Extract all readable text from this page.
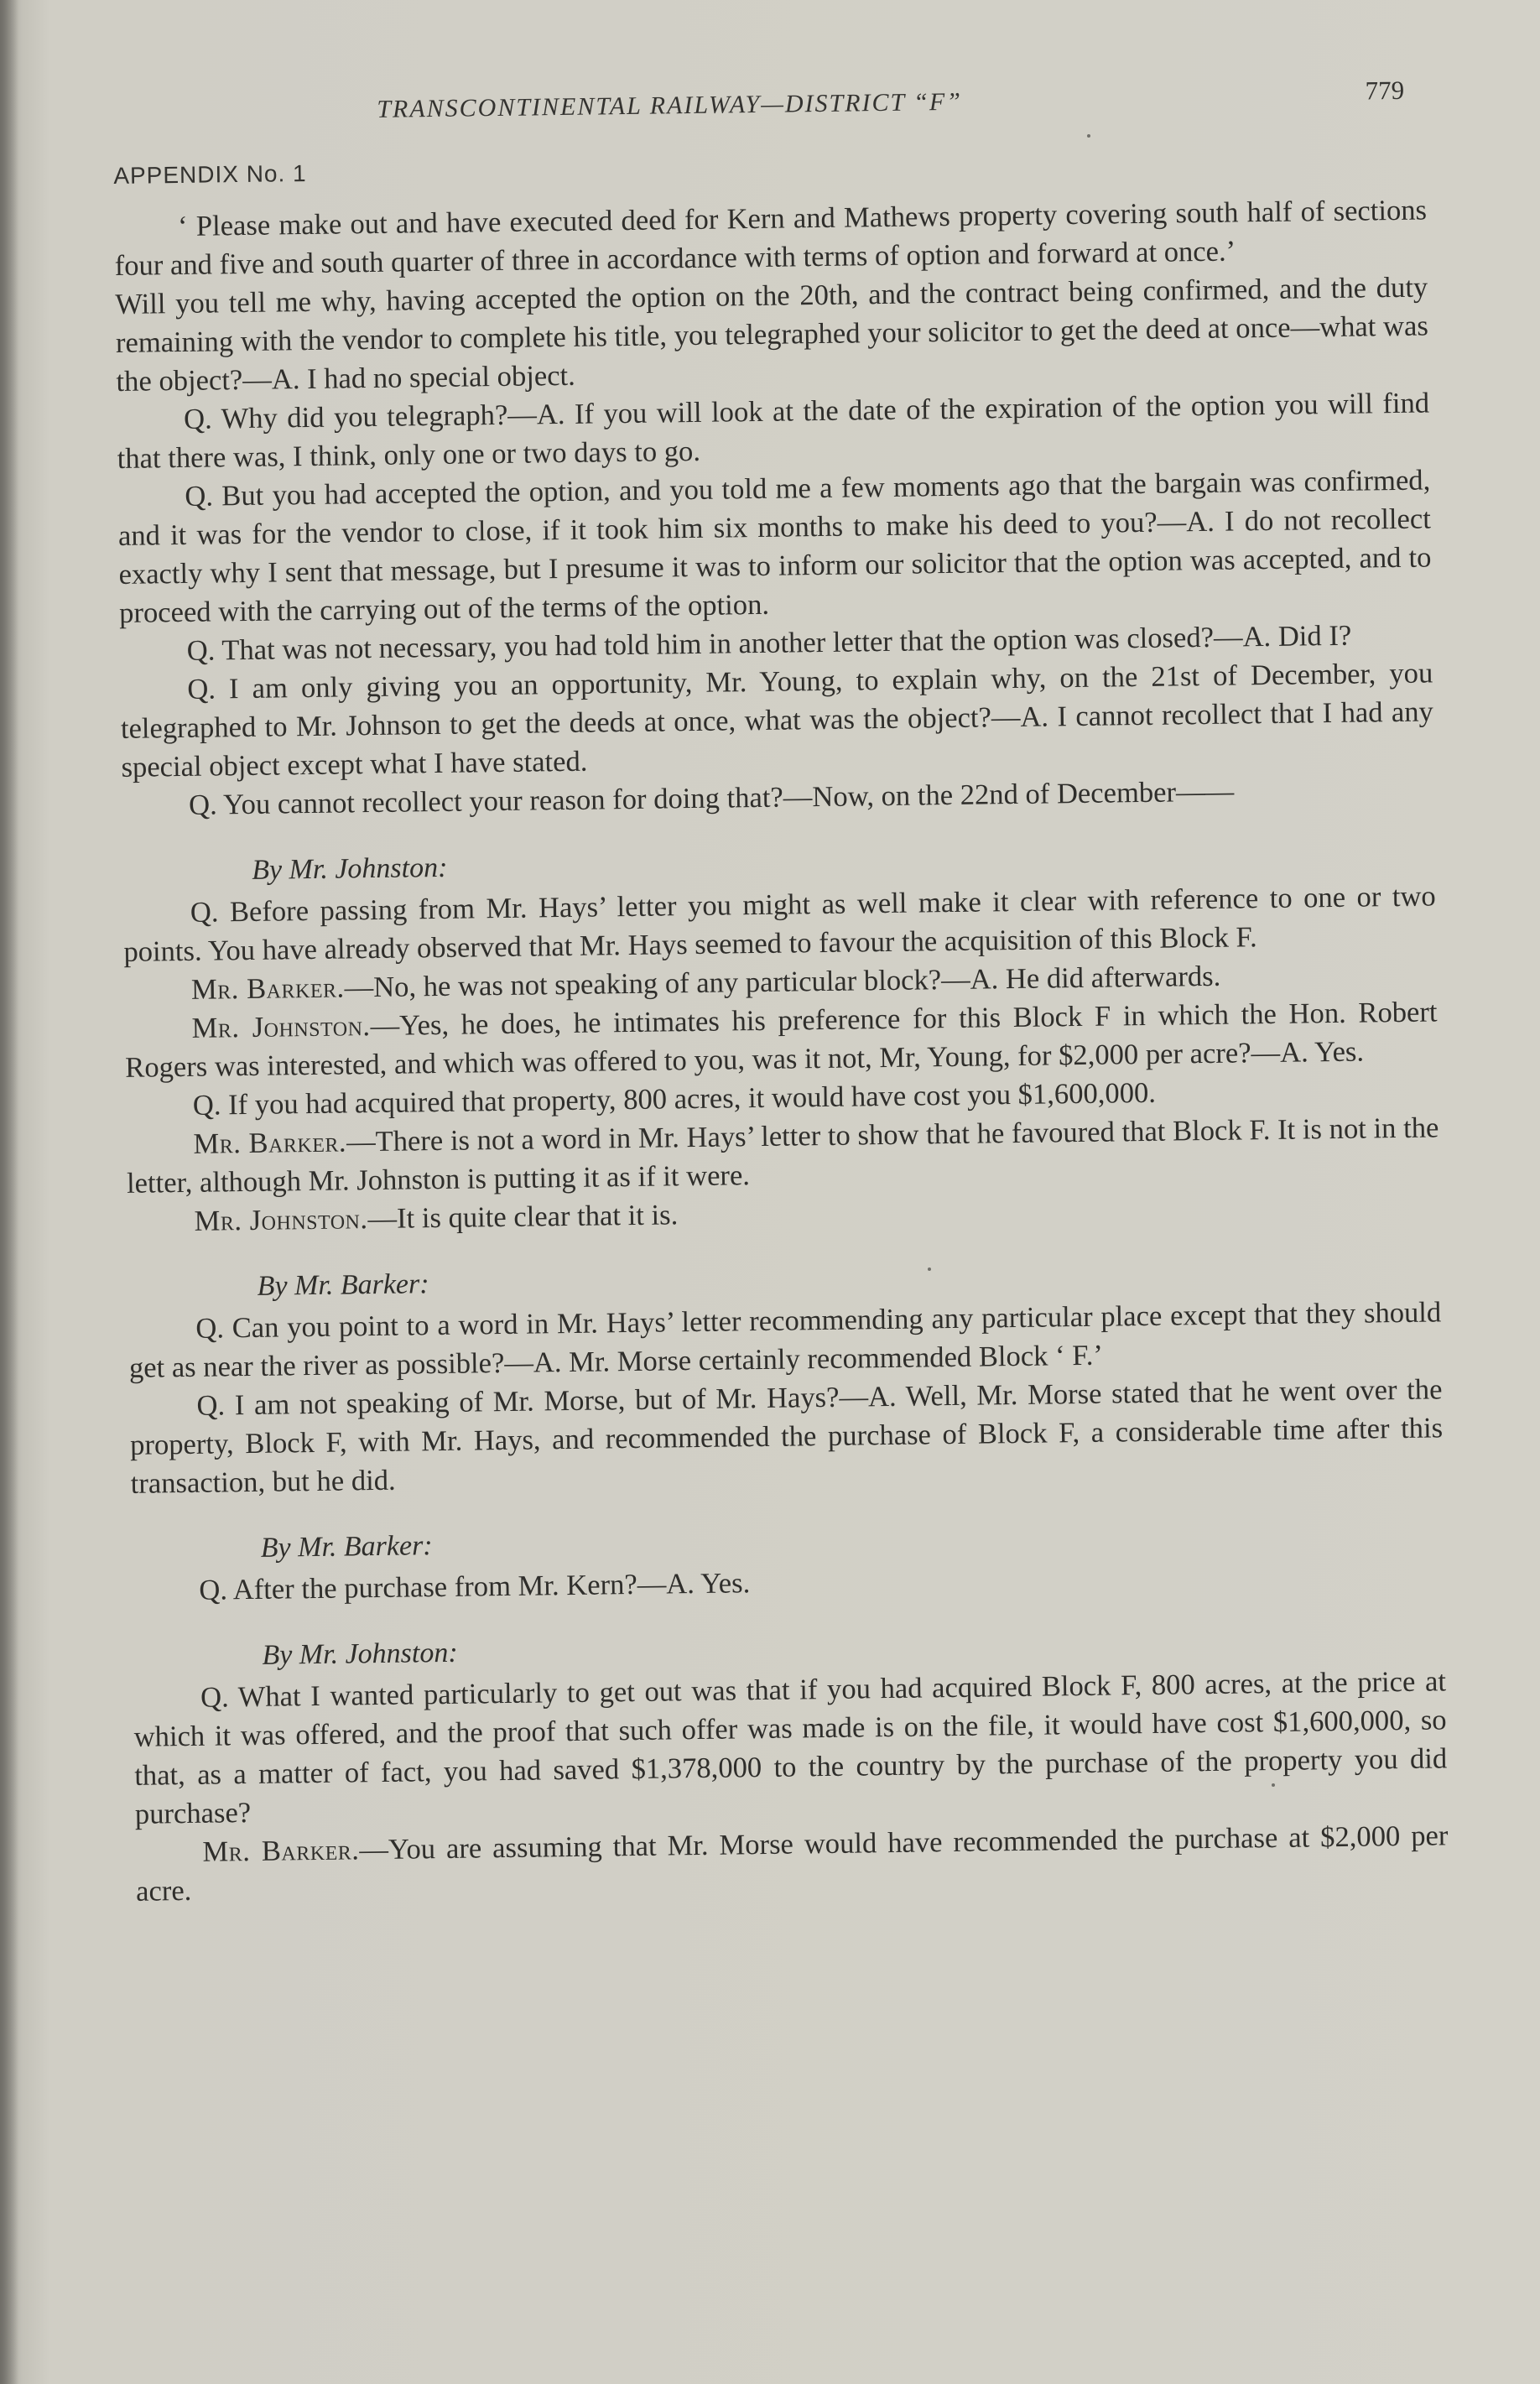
TRANSCONTINENTAL RAILWAY—DISTRICT “F”	779
APPENDIX No. 1

‘ Please make out and have executed deed for Kern and Mathews property covering south half of sections four and five and south quarter of three in accordance with terms of option and forward at once.’

Will you tell me why, having accepted the option on the 20th, and the contract being confirmed, and the duty remaining with the vendor to complete his title, you telegraphed your solicitor to get the deed at once—what was the object?—A. I had no special object.

Q. Why did you telegraph?—A. If you will look at the date of the expiration of the option you will find that there was, I think, only one or two days to go.

Q. But you had accepted the option, and you told me a few moments ago that the bargain was confirmed, and it was for the vendor to close, if it took him six months to make his deed to you?—A. I do not recollect exactly why I sent that message, but I presume it was to inform our solicitor that the option was accepted, and to proceed with the carrying out of the terms of the option.

Q. That was not necessary, you had told him in another letter that the option was closed?—A. Did I?

Q. I am only giving you an opportunity, Mr. Young, to explain why, on the 21st of December, you telegraphed to Mr. Johnson to get the deeds at once, what was the object?—A. I cannot recollect that I had any special object except what I have stated.

Q. You cannot recollect your reason for doing that?—Now, on the 22nd of December——

By Mr. Johnston:

Q. Before passing from Mr. Hays’ letter you might as well make it clear with reference to one or two points. You have already observed that Mr. Hays seemed to favour the acquisition of this Block F.

Mr. Barker.—No, he was not speaking of any particular block?—A. He did afterwards.

Mr. Johnston.—Yes, he does, he intimates his preference for this Block F in which the Hon. Robert Rogers was interested, and which was offered to you, was it not, Mr, Young, for $2,000 per acre?—A. Yes.

Q. If you had acquired that property, 800 acres, it would have cost you $1,600,000.

Mr. Barker.—There is not a word in Mr. Hays’ letter to show that he favoured that Block F. It is not in the letter, although Mr. Johnston is putting it as if it were.

Mr. Johnston.—It is quite clear that it is.

By Mr. Barker:

Q. Can you point to a word in Mr. Hays’ letter recommending any particular place except that they should get as near the river as possible?—A. Mr. Morse certainly recommended Block ‘ F.’

Q. I am not speaking of Mr. Morse, but of Mr. Hays?—A. Well, Mr. Morse stated that he went over the property, Block F, with Mr. Hays, and recommended the purchase of Block F, a considerable time after this transaction, but he did.

By Mr. Barker:

Q. After the purchase from Mr. Kern?—A. Yes.

By Mr. Johnston:

Q. What I wanted particularly to get out was that if you had acquired Block F, 800 acres, at the price at which it was offered, and the proof that such offer was made is on the file, it would have cost $1,600,000, so that, as a matter of fact, you had saved $1,378,000 to the country by the purchase of the property you did purchase?

Mr. Barker.—You are assuming that Mr. Morse would have recommended the purchase at $2,000 per acre.
